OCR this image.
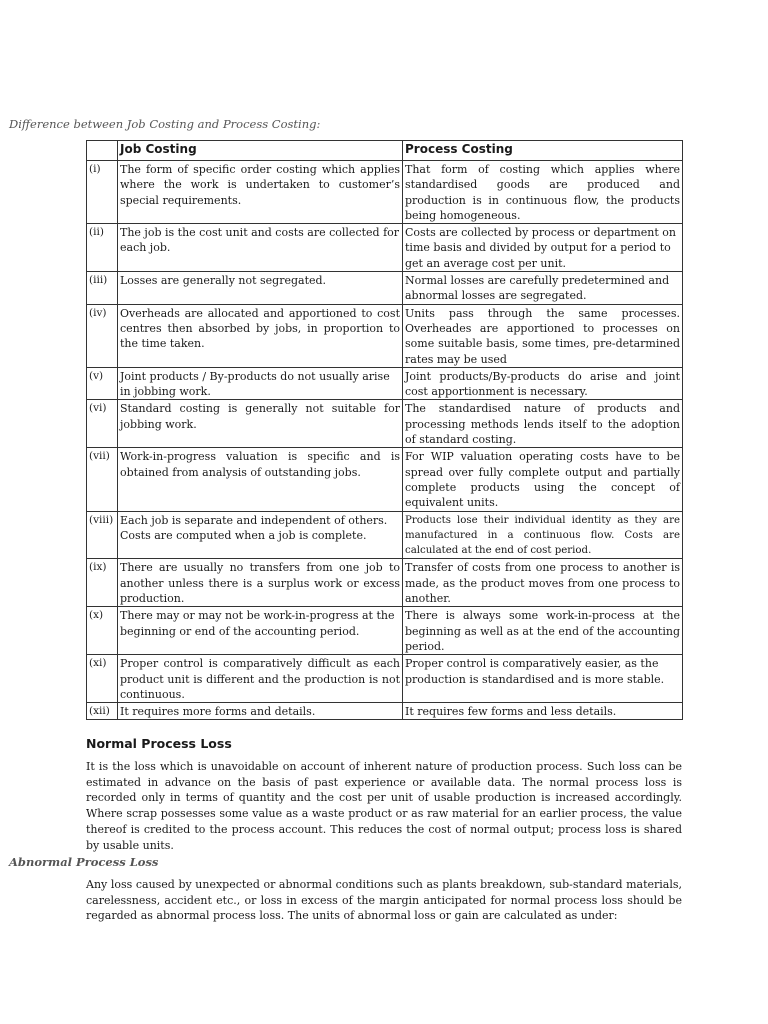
Difference between Job Costing and Process Costing:
	Job Costing	Process Costing
(i)	The form of specific order costing which applies where the work is undertaken to customer’s special requirements.	That form of costing which applies where standardised goods are produced and production is in continuous flow, the products being homogeneous.
(ii)	The job is the cost unit and costs are collected for each job.	Costs are collected by process or department on time basis and divided by output for a period to get an average cost per unit.
(iii)	Losses are generally not segregated.	Normal losses are carefully predetermined and abnormal losses are segregated.
(iv)	Overheads are allocated and apportioned to cost centres then absorbed by jobs, in proportion to the time taken.	Units pass through the same processes. Overheades are apportioned to processes on some suitable basis, some times, pre-detarmined rates may be used
(v)	Joint products / By-products do not usually arise in jobbing work.	Joint products/By-products do arise and joint cost apportionment is necessary.
(vi)	Standard costing is generally not suitable for jobbing work.	The standardised nature of products and processing methods lends itself to the adoption of standard costing.
(vii)	Work-in-progress valuation is specific and is obtained from analysis of outstanding jobs.	For WIP valuation operating costs have to be spread over fully complete output and partially complete products using the concept of equivalent units.
(viii)	Each job is separate and independent of others. Costs are computed when a job is complete.	Products lose their individual identity as they are manufactured in a continuous flow. Costs are calculated at the end of cost period.
(ix)	There are usually no transfers from one job to another unless there is a surplus work or excess production.	Transfer of costs from one process to another is made, as the product moves from one process to another.
(x)	There may or may not be work-in-progress at the beginning or end of the accounting period.	There is always some work-in-process at the beginning as well as at the end of the accounting period.
(xi)	Proper control is comparatively difficult as each product unit is different and the production is not continuous.	Proper control is comparatively easier, as the production is standardised and is more stable.
(xii)	It requires more forms and details.	It requires few forms and less details.
Normal Process Loss

It is the loss which is unavoidable on account of inherent nature of production process. Such loss can be estimated in advance on the basis of past experience or available data. The normal process loss is recorded only in terms of quantity and the cost per unit of usable production is increased accordingly. Where scrap possesses some value as a waste product or as raw material for an earlier process, the value thereof is credited to the process account. This reduces the cost of normal output; process loss is shared by usable units.

Abnormal Process Loss

Any loss caused by unexpected or abnormal conditions such as plants breakdown, sub-standard materials, carelessness, accident etc., or loss in excess of the margin anticipated for normal process loss should be regarded as abnormal process loss. The units of abnormal loss or gain are calculated as under:
